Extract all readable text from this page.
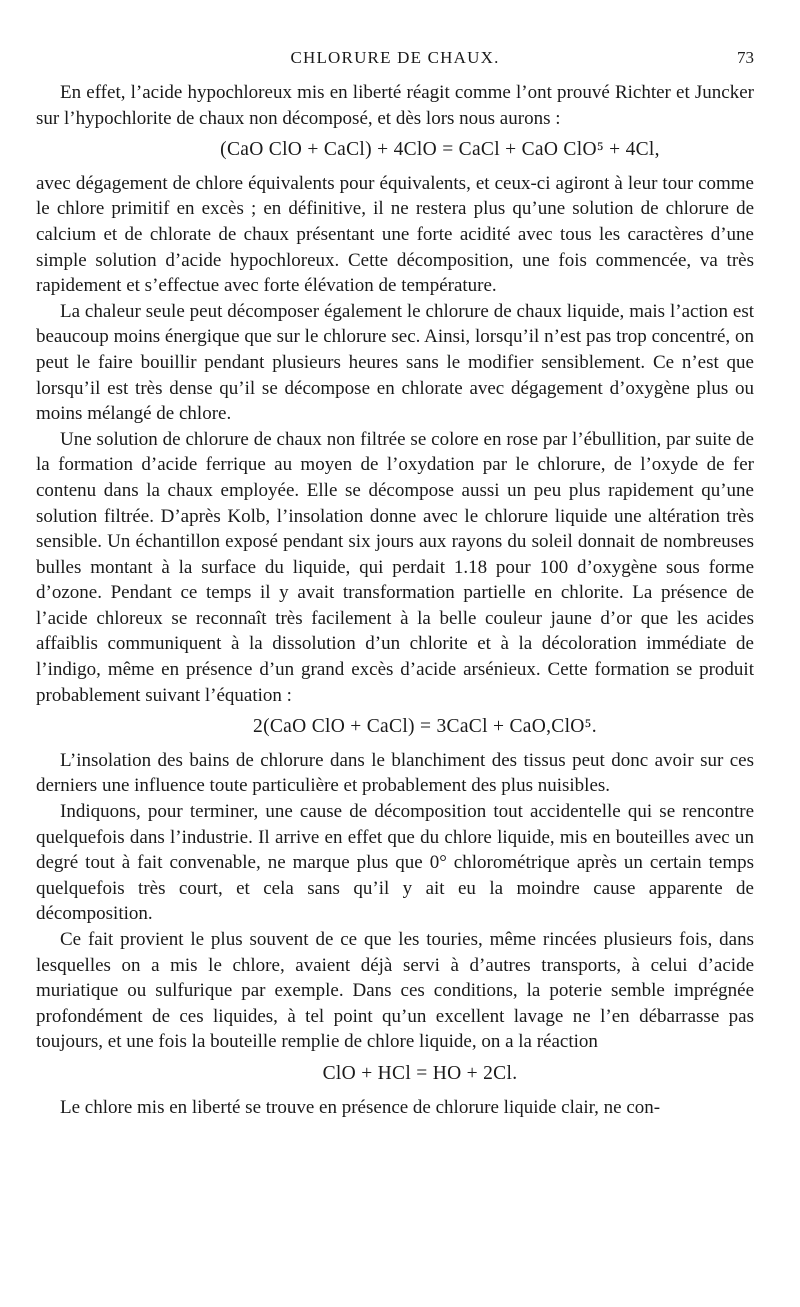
CHLORURE DE CHAUX.	73

En effet, l’acide hypochloreux mis en liberté réagit comme l’ont prouvé Richter et Juncker sur l’hypochlorite de chaux non décomposé, et dès lors nous aurons :

(CaO ClO + CaCl) + 4ClO = CaCl + CaO ClO⁵ + 4Cl,

avec dégagement de chlore équivalents pour équivalents, et ceux-ci agiront à leur tour comme le chlore primitif en excès ; en définitive, il ne restera plus qu’une solution de chlorure de calcium et de chlorate de chaux présentant une forte acidité avec tous les caractères d’une simple solution d’acide hypochloreux. Cette décomposition, une fois commencée, va très rapidement et s’effectue avec forte élévation de température.

La chaleur seule peut décomposer également le chlorure de chaux liquide, mais l’action est beaucoup moins énergique que sur le chlorure sec. Ainsi, lorsqu’il n’est pas trop concentré, on peut le faire bouillir pendant plusieurs heures sans le modifier sensiblement. Ce n’est que lorsqu’il est très dense qu’il se décompose en chlorate avec dégagement d’oxygène plus ou moins mélangé de chlore.

Une solution de chlorure de chaux non filtrée se colore en rose par l’ébullition, par suite de la formation d’acide ferrique au moyen de l’oxydation par le chlorure, de l’oxyde de fer contenu dans la chaux employée. Elle se décompose aussi un peu plus rapidement qu’une solution filtrée. D’après Kolb, l’insolation donne avec le chlorure liquide une altération très sensible. Un échantillon exposé pendant six jours aux rayons du soleil donnait de nombreuses bulles montant à la surface du liquide, qui perdait 1.18 pour 100 d’oxygène sous forme d’ozone. Pendant ce temps il y avait transformation partielle en chlorite. La présence de l’acide chloreux se reconnaît très facilement à la belle couleur jaune d’or que les acides affaiblis communiquent à la dissolution d’un chlorite et à la décoloration immédiate de l’indigo, même en présence d’un grand excès d’acide arsénieux. Cette formation se produit probablement suivant l’équation :

2(CaO ClO + CaCl) = 3CaCl + CaO,ClO⁵.

L’insolation des bains de chlorure dans le blanchiment des tissus peut donc avoir sur ces derniers une influence toute particulière et probablement des plus nuisibles.

Indiquons, pour terminer, une cause de décomposition tout accidentelle qui se rencontre quelquefois dans l’industrie. Il arrive en effet que du chlore liquide, mis en bouteilles avec un degré tout à fait convenable, ne marque plus que 0° chlorométrique après un certain temps quelquefois très court, et cela sans qu’il y ait eu la moindre cause apparente de décomposition.

Ce fait provient le plus souvent de ce que les touries, même rincées plusieurs fois, dans lesquelles on a mis le chlore, avaient déjà servi à d’autres transports, à celui d’acide muriatique ou sulfurique par exemple. Dans ces conditions, la poterie semble imprégnée profondément de ces liquides, à tel point qu’un excellent lavage ne l’en débarrasse pas toujours, et une fois la bouteille remplie de chlore liquide, on a la réaction

ClO + HCl = HO + 2Cl.

Le chlore mis en liberté se trouve en présence de chlorure liquide clair, ne con-
